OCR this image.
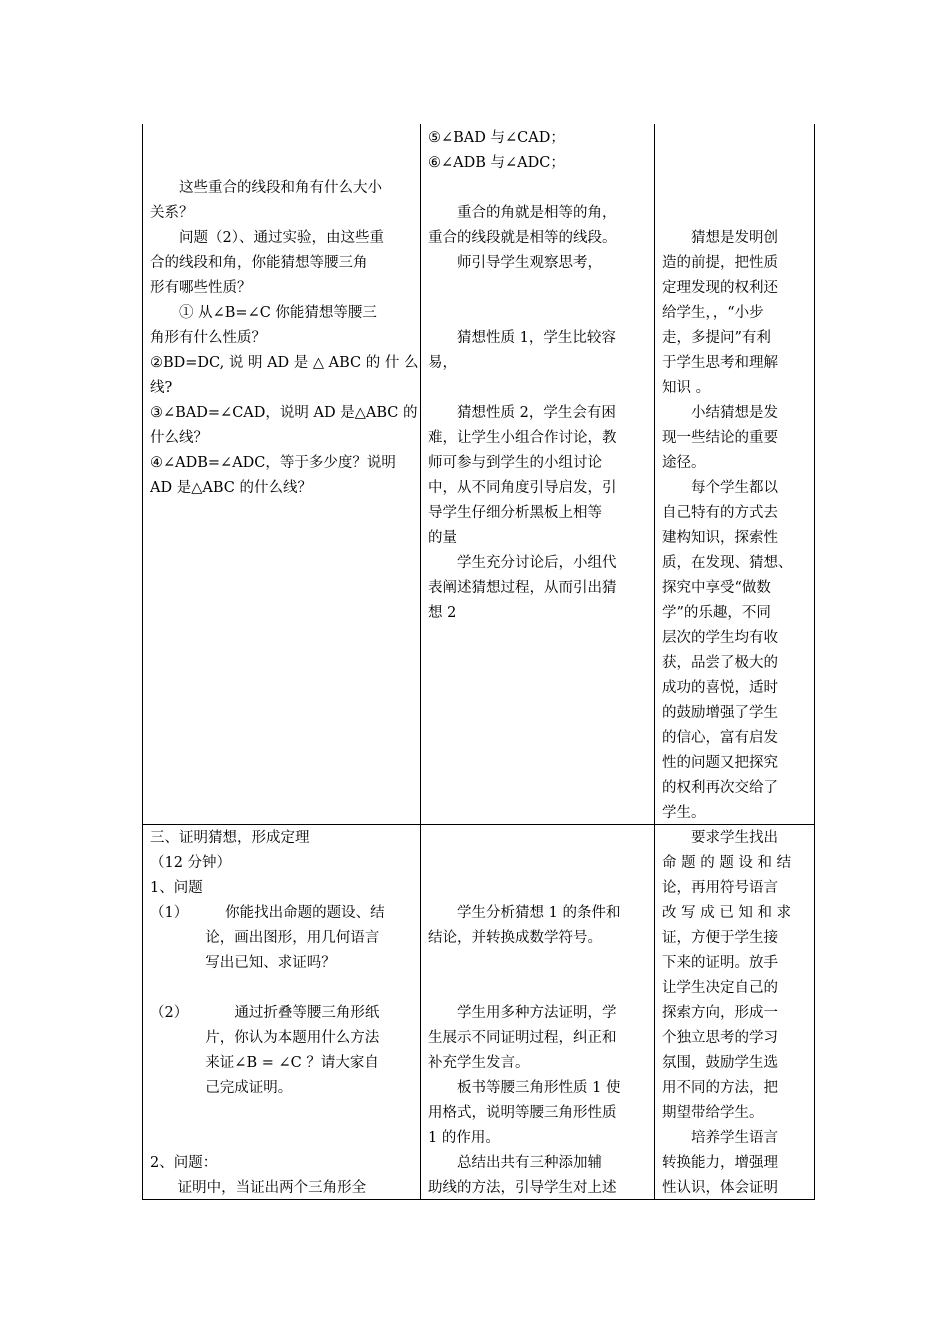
这些重合的线段和角有什么大小
关系？
问题（2）、通过实验，由这些重
合的线段和角，你能猜想等腰三角
形有哪些性质？
① 从∠B=∠C 你能猜想等腰三
角形有什么性质？
②BD=DC, 说 明 AD 是 △ ABC 的 什 么
线?
③∠BAD=∠CAD，说明 AD 是△ABC 的
什么线？
④∠ADB=∠ADC，等于多少度？说明
AD 是△ABC 的什么线？
⑤∠BAD 与∠CAD；
⑥∠ADB 与∠ADC；
重合的角就是相等的角，
重合的线段就是相等的线段。
师引导学生观察思考，
猜想性质 1，学生比较容
易，
猜想性质 2，学生会有困
难，让学生小组合作讨论，教
师可参与到学生的小组讨论
中，从不同角度引导启发，引
导学生仔细分析黑板上相等
的量
学生充分讨论后，小组代
表阐述猜想过程，从而引出猜
想 2
猜想是发明创
造的前提，把性质
定理发现的权利还
给学生，，“小步
走，多提问”有利
于学生思考和理解
知识 。
小结猜想是发
现一些结论的重要
途径。
每个学生都以
自己特有的方式去
建构知识，探索性
质，在发现、猜想、
探究中享受“做数
学”的乐趣，不同
层次的学生均有收
获，品尝了极大的
成功的喜悦，适时
的鼓励增强了学生
的信心，富有启发
性的问题又把探究
的权利再次交给了
学生。
三、证明猜想，形成定理
（12 分钟）
1、问题
（1）        你能找出命题的题设、结
论，画出图形，用几何语言
写出已知、求证吗？
（2）          通过折叠等腰三角形纸
片，你认为本题用什么方法
来证∠B = ∠C ？请大家自
己完成证明。
2、问题：
证明中，当证出两个三角形全
学生分析猜想 1 的条件和
结论，并转换成数学符号。
学生用多种方法证明，学
生展示不同证明过程，纠正和
补充学生发言。
板书等腰三角形性质 1 使
用格式，说明等腰三角形性质
1 的作用。
总结出共有三种添加辅
助线的方法，引导学生对上述
要求学生找出
命 题 的 题 设 和 结
论，再用符号语言
改 写 成 已 知 和 求
证，方便于学生接
下来的证明。放手
让学生决定自己的
探索方向，形成一
个独立思考的学习
氛围，鼓励学生选
用不同的方法，把
期望带给学生。
培养学生语言
转换能力，增强理
性认识，体会证明
